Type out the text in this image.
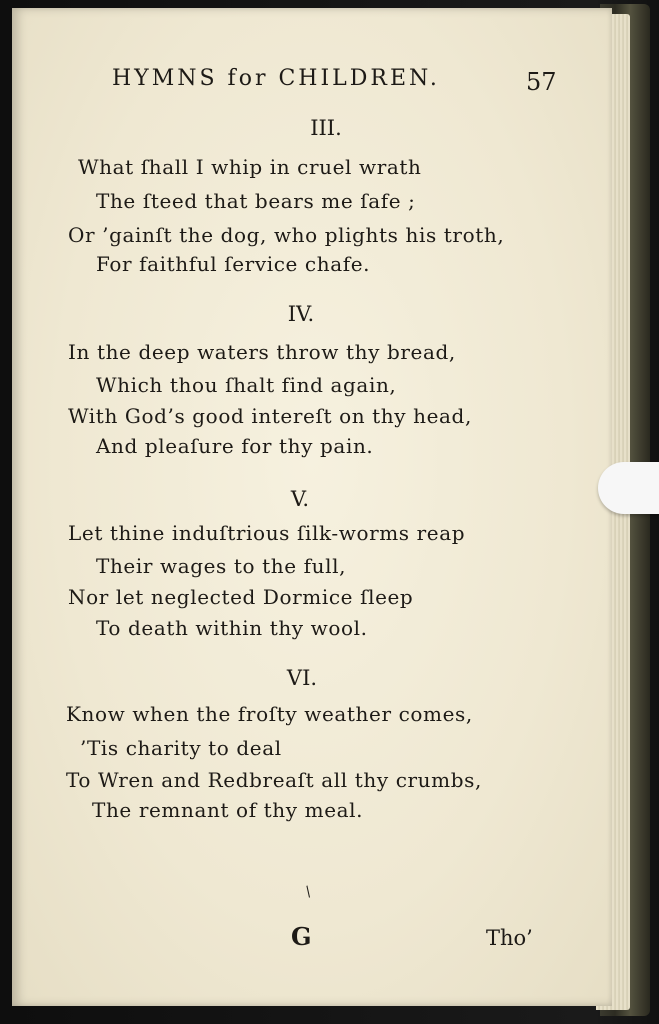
HYMNS for CHILDREN.	57
III.
What ſhall I whip in cruel wrath
The ſteed that bears me ſafe ;
Or ’gainſt the dog, who plights his troth,
For faithful ſervice chafe.
IV.
In the deep waters throw thy bread,
Which thou ſhalt find again,
With God’s good intereſt on thy head,
And pleaſure for thy pain.
V.
Let thine induſtrious ſilk-worms reap
Their wages to the full,
Nor let neglected Dormice ſleep
To death within thy wool.
VI.
Know when the froſty weather comes,
’Tis charity to deal
To Wren and Redbreaſt all thy crumbs,
The remnant of thy meal.
/
G	Tho’
